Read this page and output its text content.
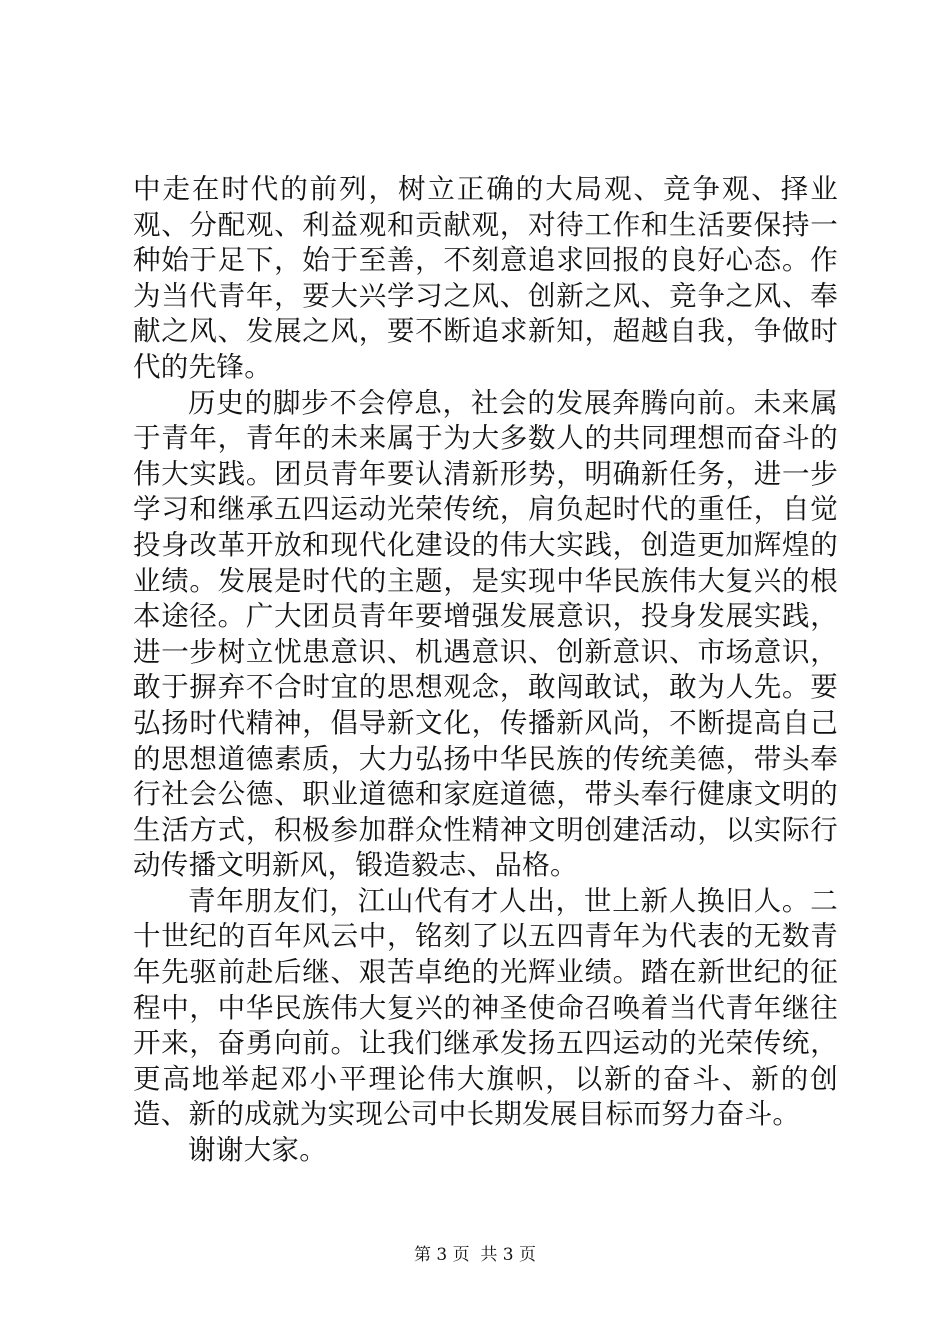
中走在时代的前列，树立正确的大局观、竞争观、择业观、分配观、利益观和贡献观，对待工作和生活要保持一种始于足下，始于至善，不刻意追求回报的良好心态。作为当代青年，要大兴学习之风、创新之风、竞争之风、奉献之风、发展之风，要不断追求新知，超越自我，争做时代的先锋。

历史的脚步不会停息，社会的发展奔腾向前。未来属于青年，青年的未来属于为大多数人的共同理想而奋斗的伟大实践。团员青年要认清新形势，明确新任务，进一步学习和继承五四运动光荣传统，肩负起时代的重任，自觉投身改革开放和现代化建设的伟大实践，创造更加辉煌的业绩。发展是时代的主题，是实现中华民族伟大复兴的根本途径。广大团员青年要增强发展意识，投身发展实践，进一步树立忧患意识、机遇意识、创新意识、市场意识，敢于摒弃不合时宜的思想观念，敢闯敢试，敢为人先。要弘扬时代精神，倡导新文化，传播新风尚，不断提高自己的思想道德素质，大力弘扬中华民族的传统美德，带头奉行社会公德、职业道德和家庭道德，带头奉行健康文明的生活方式，积极参加群众性精神文明创建活动，以实际行动传播文明新风，锻造毅志、品格。

青年朋友们，江山代有才人出，世上新人换旧人。二十世纪的百年风云中，铭刻了以五四青年为代表的无数青年先驱前赴后继、艰苦卓绝的光辉业绩。踏在新世纪的征程中，中华民族伟大复兴的神圣使命召唤着当代青年继往开来，奋勇向前。让我们继承发扬五四运动的光荣传统，更高地举起邓小平理论伟大旗帜，以新的奋斗、新的创造、新的成就为实现公司中长期发展目标而努力奋斗。

谢谢大家。

第 3 页  共 3 页
